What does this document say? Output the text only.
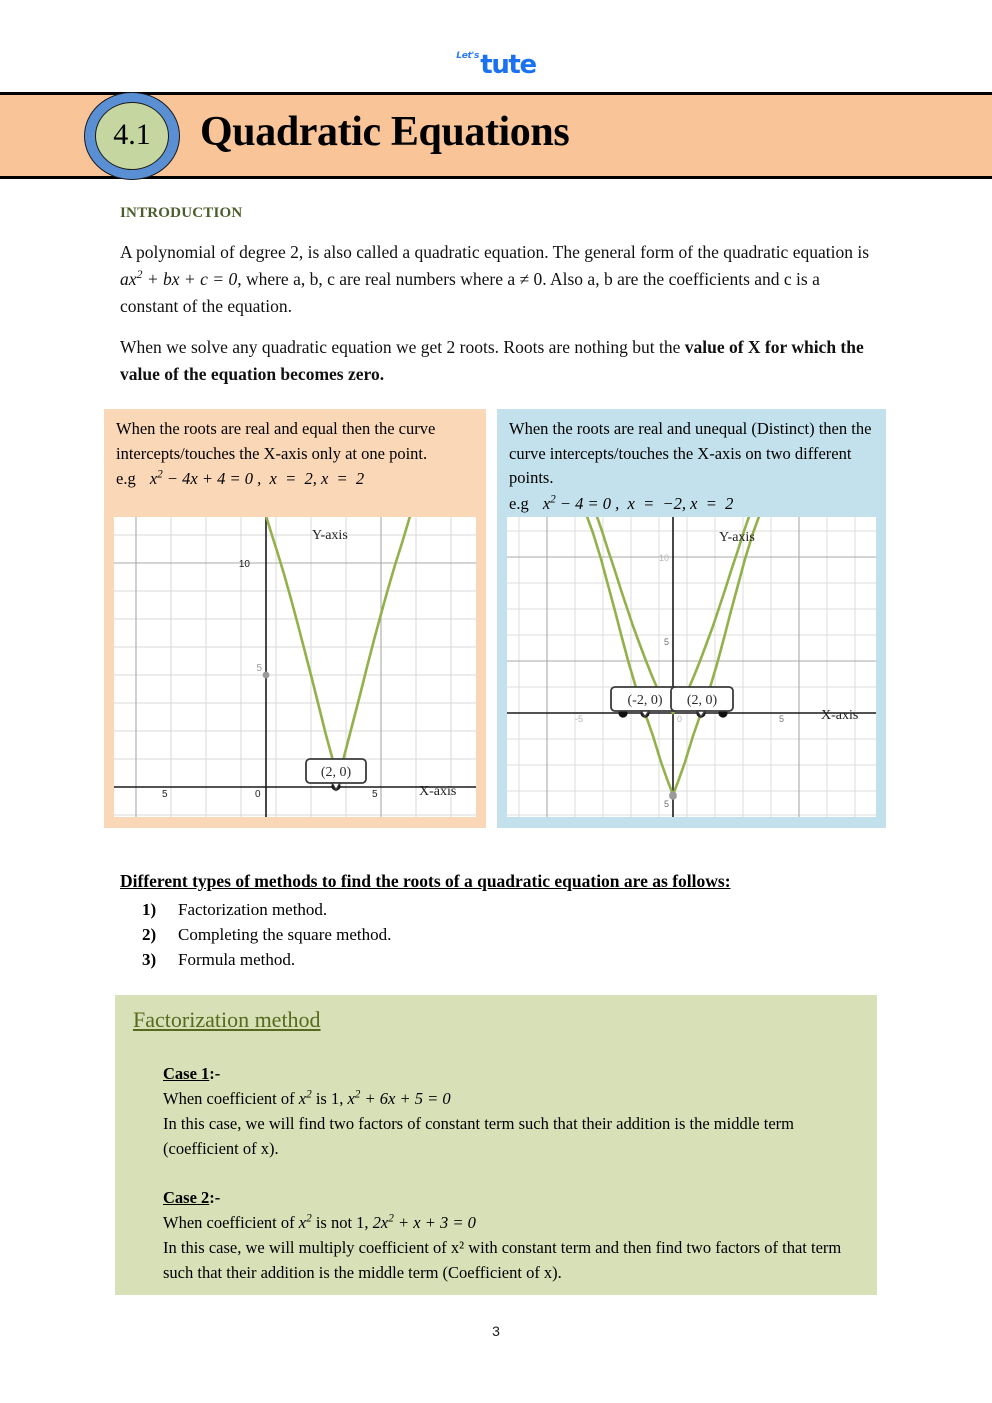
Let's tute
4.1 Quadratic Equations
INTRODUCTION
A polynomial of degree 2, is also called a quadratic equation. The general form of the quadratic equation is $ax^2$ + bx + c = 0, where a, b, c are real numbers where a ≠ 0. Also a, b are the coefficients and c is a constant of the equation.
When we solve any quadratic equation we get 2 roots. Roots are nothing but the value of X for which the value of the equation becomes zero.
When the roots are real and equal then the curve intercepts/touches the X-axis only at one point.
e.g $x^2 - 4x + 4 = 0$ ,  x  =  2, x  =  2
(2, 0)
Y-axis
X-axis
5	0	5
10
5
When the roots are real and unequal (Distinct) then the curve intercepts/touches the X-axis on two different points.
e.g $x^2 - 4 = 0$ ,  x  =  −2, x  =  2
(-2, 0) (2, 0)
Y-axis
X-axis
-5	0	5
10
5
5
Different types of methods to find the roots of a quadratic equation are as follows:
1) Factorization method.
2) Completing the square method.
3) Formula method.
Factorization method
Case 1:-
When coefficient of $x^2$ is 1, $x^2 + 6x + 5 = 0$
In this case, we will find two factors of constant term such that their addition is the middle term (coefficient of x).
Case 2:-
When coefficient of $x^2$ is not 1, $2x^2 + x + 3 = 0$
In this case, we will multiply coefficient of x² with constant term and then find two factors of that term such that their addition is the middle term (Coefficient of x).
3
